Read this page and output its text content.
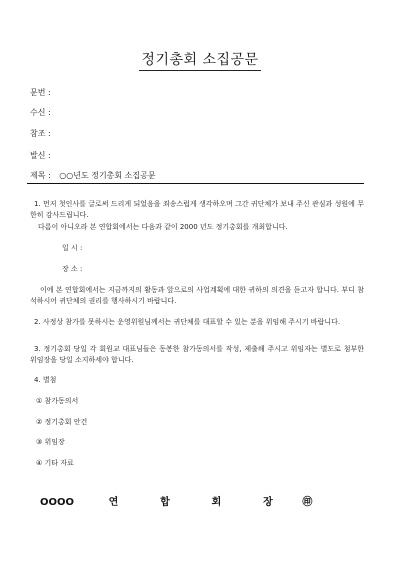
정기총회 소집공문
문번 :
수신 :
참조 :
발신 :
제목 : ○○년도 정기총회 소집공문
1. 먼저 첫인사를 글로써 드리게 되었음을 죄송스럽게 생각하오며 그간 귀단체가 보내 주신 관심과 성원에 무한히 감사드립니다.
다름이 아니오라 본 연합회에서는 다음과 같이 2000 년도 정기총회를 개최합니다.
일 시 :
장 소 :
이에 본 연합회에서는 지금까지의 활동과 앞으로의 사업계획에 대한 귀하의 의견을 듣고자 합니다. 부디 참석하시어 귀단체의 권리를 행사하시기 바랍니다.
2. 사정상 참가를 못하시는 운영위원님께서는 귀단체를 대표할 수 있는 분을 위임해 주시기 바랍니다.
3. 정기총회 당일 각 회원교 대표님들은 동봉한 참가동의서를 작성, 제출해 주시고 위임자는 별도로 첨부한 위임장을 당일 소지하세야 합니다.
4. 별첨
① 참가동의서
② 정기총회 안건
③ 위임장
④ 기타 자료
OOOO	연	합	회	장	㊞
